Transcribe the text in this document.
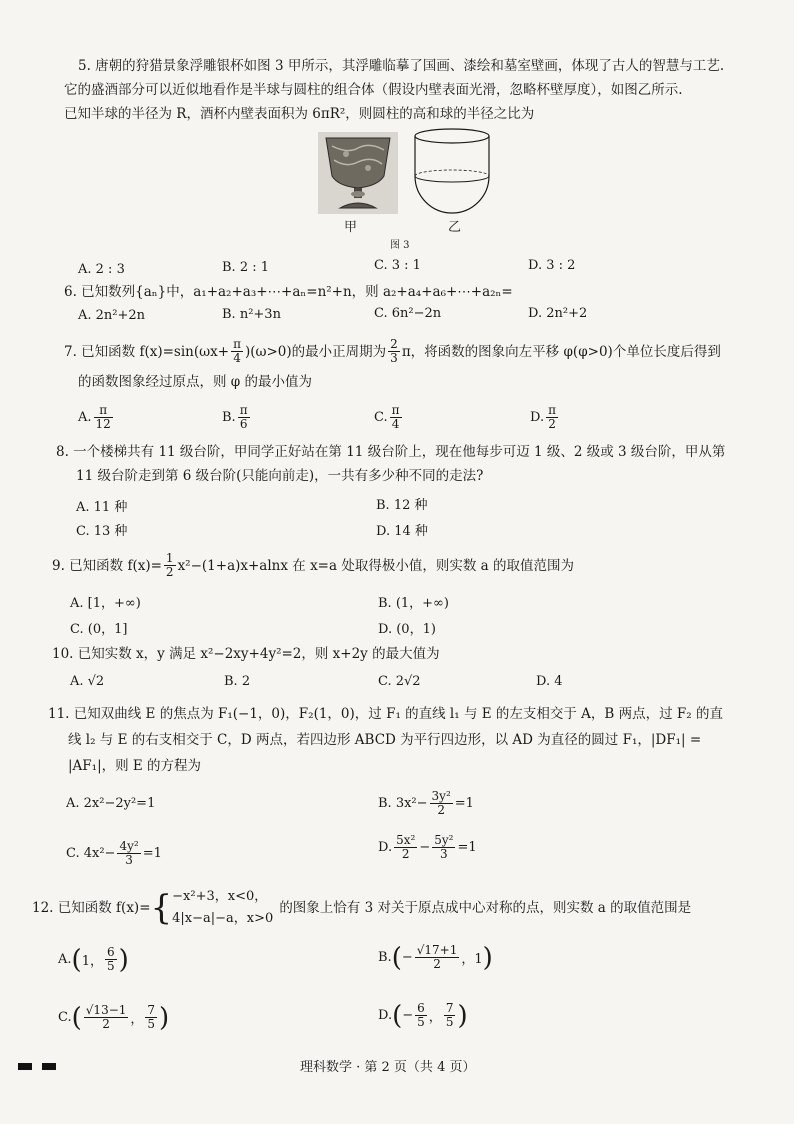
5. 唐朝的狩猎景象浮雕银杯如图 3 甲所示，其浮雕临摹了国画、漆绘和墓室壁画，体现了古人的智慧与工艺.
它的盛酒部分可以近似地看作是半球与圆柱的组合体（假设内壁表面光滑，忽略杯壁厚度），如图乙所示.
已知半球的半径为 R，酒杯内壁表面积为 6πR²，则圆柱的高和球的半径之比为
甲	乙
图 3
A. 2 : 3	B. 2 : 1	C. 3 : 1	D. 3 : 2
6. 已知数列{aₙ}中，a₁+a₂+a₃+⋯+aₙ=n²+n，则 a₂+a₄+a₆+⋯+a₂ₙ=
A. 2n²+2n	B. n²+3n	C. 6n²−2n	D. 2n²+2
7. 已知函数 f(x)=sin $(\omega x+ \frac{\pi}{4} )(\omega>0)$的最小正周期为 $\frac{2}{3}$ π，将函数的图象向左平移 φ(φ>0)个单位长度后得到
的函数图象经过原点，则 φ 的最小值为
A. $\frac{\pi}{12}$	B. $\frac{\pi}{6}$	C. $\frac{\pi}{4}$	D. $\frac{\pi}{2}$
8. 一个楼梯共有 11 级台阶，甲同学正好站在第 11 级台阶上，现在他每步可迈 1 级、2 级或 3 级台阶，甲从第
11 级台阶走到第 6 级台阶(只能向前走)，一共有多少种不同的走法?
A. 11 种	B. 12 种
C. 13 种	D. 14 种
9. 已知函数 $f(x)= \frac{1}{2} x^2-(1+a)x+alnx$ 在 x=a 处取得极小值，则实数 a 的取值范围为
A. [1，+∞)	B. (1，+∞)
C. (0，1]	D. (0，1)
10. 已知实数 x，y 满足 x²−2xy+4y²=2，则 x+2y 的最大值为
A. √2	B. 2	C. 2√2	D. 4
11. 已知双曲线 E 的焦点为 F₁(−1，0)，F₂(1，0)，过 F₁ 的直线 l₁ 与 E 的左支相交于 A，B 两点，过 F₂ 的直
线 l₂ 与 E 的右支相交于 C，D 两点，若四边形 ABCD 为平行四边形，以 AD 为直径的圆过 F₁，|DF₁| =
|AF₁|，则 E 的方程为
A. 2x²−2y²=1	B. $3x^2- \frac{\text{3y²}}{2} =1$
C. $4x^2- \frac{\text{4y²}}{3} =1$	D. $\frac{\text{5x²}}{2} - \frac{\text{5y²}}{3} =1$
12. 已知函数 f(x)= { −x²+3，x<0，
4|x−a|−a，x>0
的图象上恰有 3 对关于原点成中心对称的点，则实数 a 的取值范围是
A. ( 1， $\frac{6}{5}$ )	B. ( − $\frac{√17+1}{2}$ ，1 )
C. ( $\frac{√13-1}{2}$ ， $\frac{7}{5}$ )	D. ( − $\frac{6}{5}$ ， $\frac{7}{5}$ )
理科数学 · 第 2 页（共 4 页）
